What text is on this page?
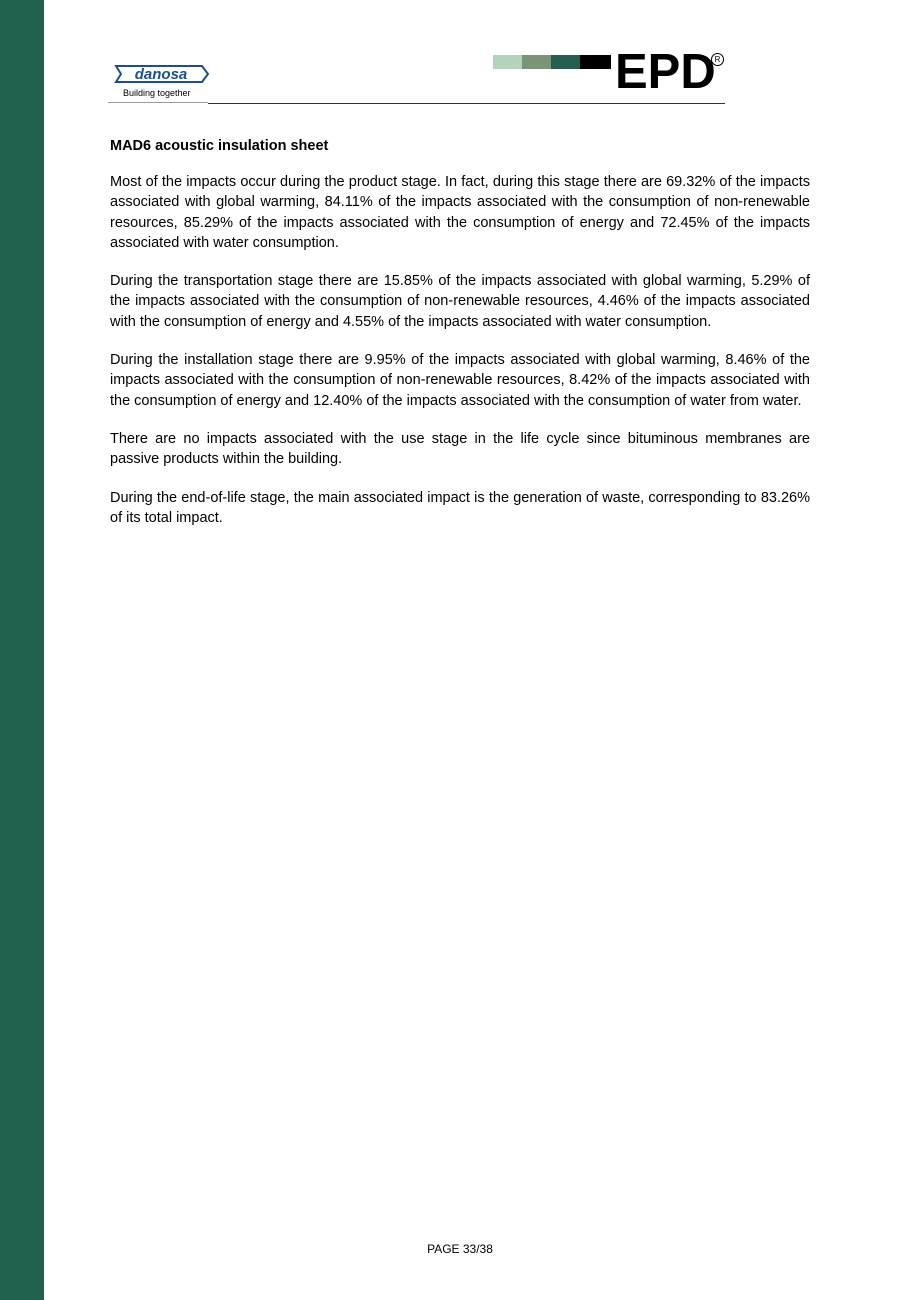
danosa
Building together	EPD
R
MAD6 acoustic insulation sheet

Most of the impacts occur during the product stage. In fact, during this stage there are 69.32% of the impacts associated with global warming, 84.11% of the impacts associated with the consumption of non-renewable resources, 85.29% of the impacts associated with the consumption of energy and 72.45% of the impacts associated with water consumption.

During the transportation stage there are 15.85% of the impacts associated with global warming, 5.29% of the impacts associated with the consumption of non-renewable resources, 4.46% of the impacts associated with the consumption of energy and 4.55% of the impacts associated with water consumption.

During the installation stage there are 9.95% of the impacts associated with global warming, 8.46% of the impacts associated with the consumption of non-renewable resources, 8.42% of the impacts associated with the consumption of energy and 12.40% of the impacts associated with the consumption of water from water.

There are no impacts associated with the use stage in the life cycle since bituminous membranes are passive products within the building.

During the end-of-life stage, the main associated impact is the generation of waste, corresponding to 83.26% of its total impact.

PAGE 33/38
